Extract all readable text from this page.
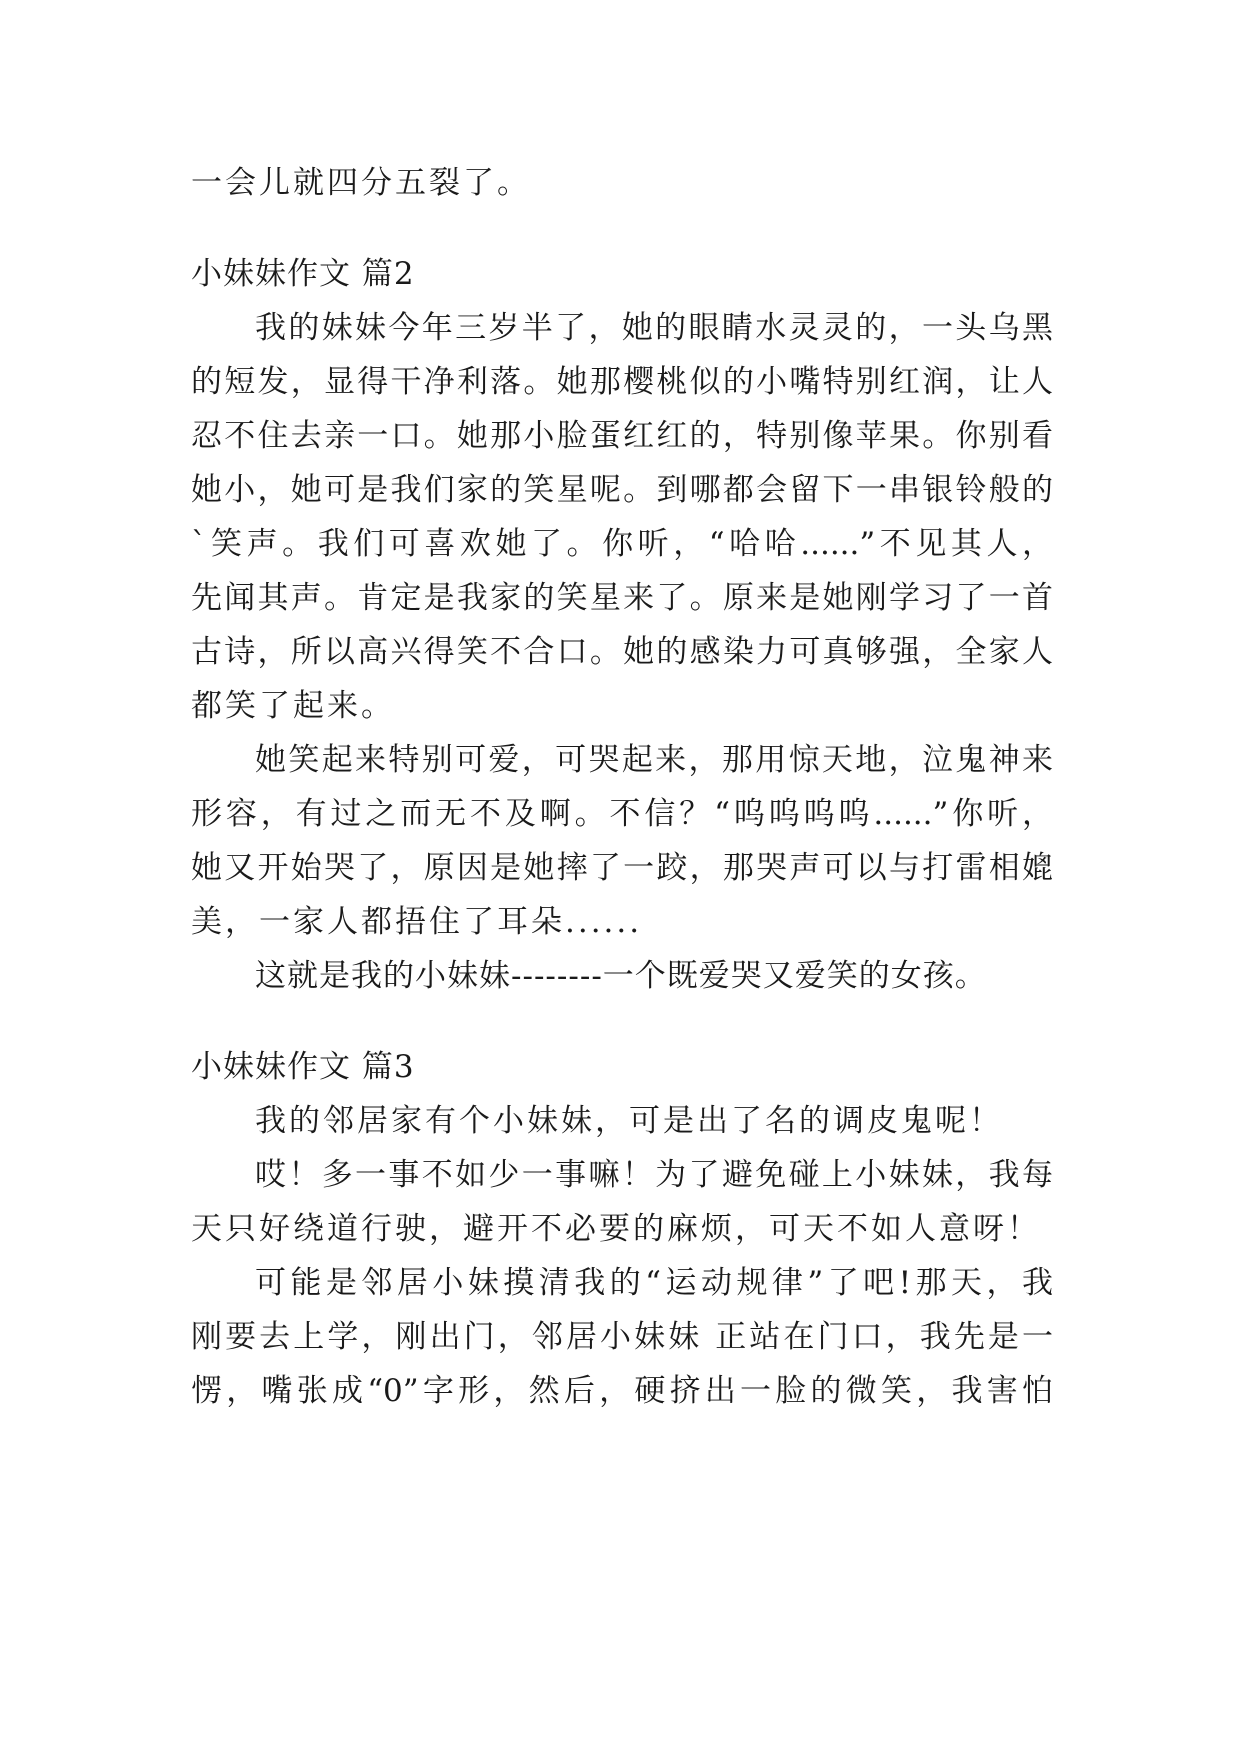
一会儿就四分五裂了。
小妹妹作文 篇2
我的妹妹今年三岁半了，她的眼睛水灵灵的，一头乌黑
的短发，显得干净利落。她那樱桃似的小嘴特别红润，让人
忍不住去亲一口。她那小脸蛋红红的，特别像苹果。你别看
她小，她可是我们家的笑星呢。到哪都会留下一串银铃般的
`笑声。我们可喜欢她了。你听，“哈哈......”不见其人，
先闻其声。肯定是我家的笑星来了。原来是她刚学习了一首
古诗，所以高兴得笑不合口。她的感染力可真够强，全家人
都笑了起来。
她笑起来特别可爱，可哭起来，那用惊天地，泣鬼神来
形容，有过之而无不及啊。不信？“呜呜呜呜......”你听，
她又开始哭了，原因是她摔了一跤，那哭声可以与打雷相媲
美，一家人都捂住了耳朵......
这就是我的小妹妹--------一个既爱哭又爱笑的女孩。
小妹妹作文 篇3
我的邻居家有个小妹妹，可是出了名的调皮鬼呢！
哎！多一事不如少一事嘛！为了避免碰上小妹妹，我每
天只好绕道行驶，避开不必要的麻烦，可天不如人意呀！
可能是邻居小妹摸清我的“运动规律”了吧!那天，我
刚要去上学，刚出门，邻居小妹妹 正站在门口，我先是一
愣，嘴张成“0”字形，然后，硬挤出一脸的微笑，我害怕
